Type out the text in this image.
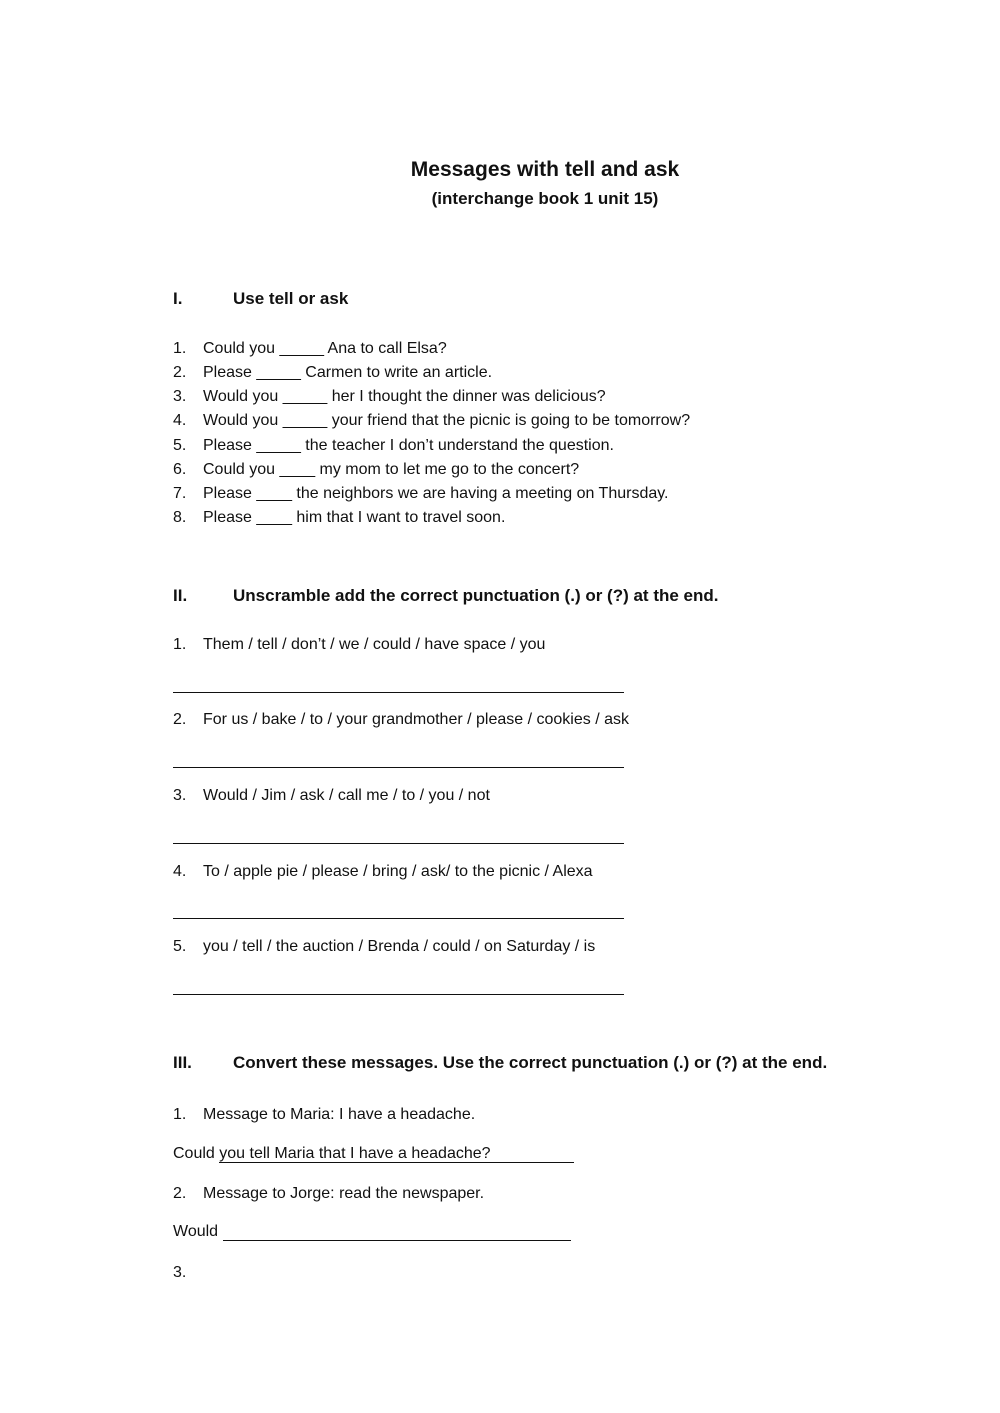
Messages with tell and ask
(interchange book 1 unit 15)
I.	Use tell or ask
1. Could you _____ Ana to call Elsa?
2. Please _____ Carmen to write an article.
3. Would you _____ her I thought the dinner was delicious?
4. Would you _____ your friend that the picnic is going to be tomorrow?
5. Please _____ the teacher I don’t understand the question.
6. Could you ____ my mom to let me go to the concert?
7. Please ____ the neighbors we are having a meeting on Thursday.
8. Please ____ him that I want to travel soon.
II.	Unscramble add the correct punctuation (.) or (?) at the end.
1. Them / tell / don’t / we / could / have space / you
2. For us / bake / to / your grandmother / please / cookies / ask
3. Would / Jim / ask / call me / to / you / not
4. To / apple pie / please / bring / ask/ to the picnic / Alexa
5. you / tell / the auction / Brenda / could / on Saturday / is
III. Convert these messages. Use the correct punctuation (.) or (?) at the end.
1. Message to Maria: I have a headache.
Could you tell Maria that I have a headache?
2. Message to Jorge: read the newspaper.
Would
3.
